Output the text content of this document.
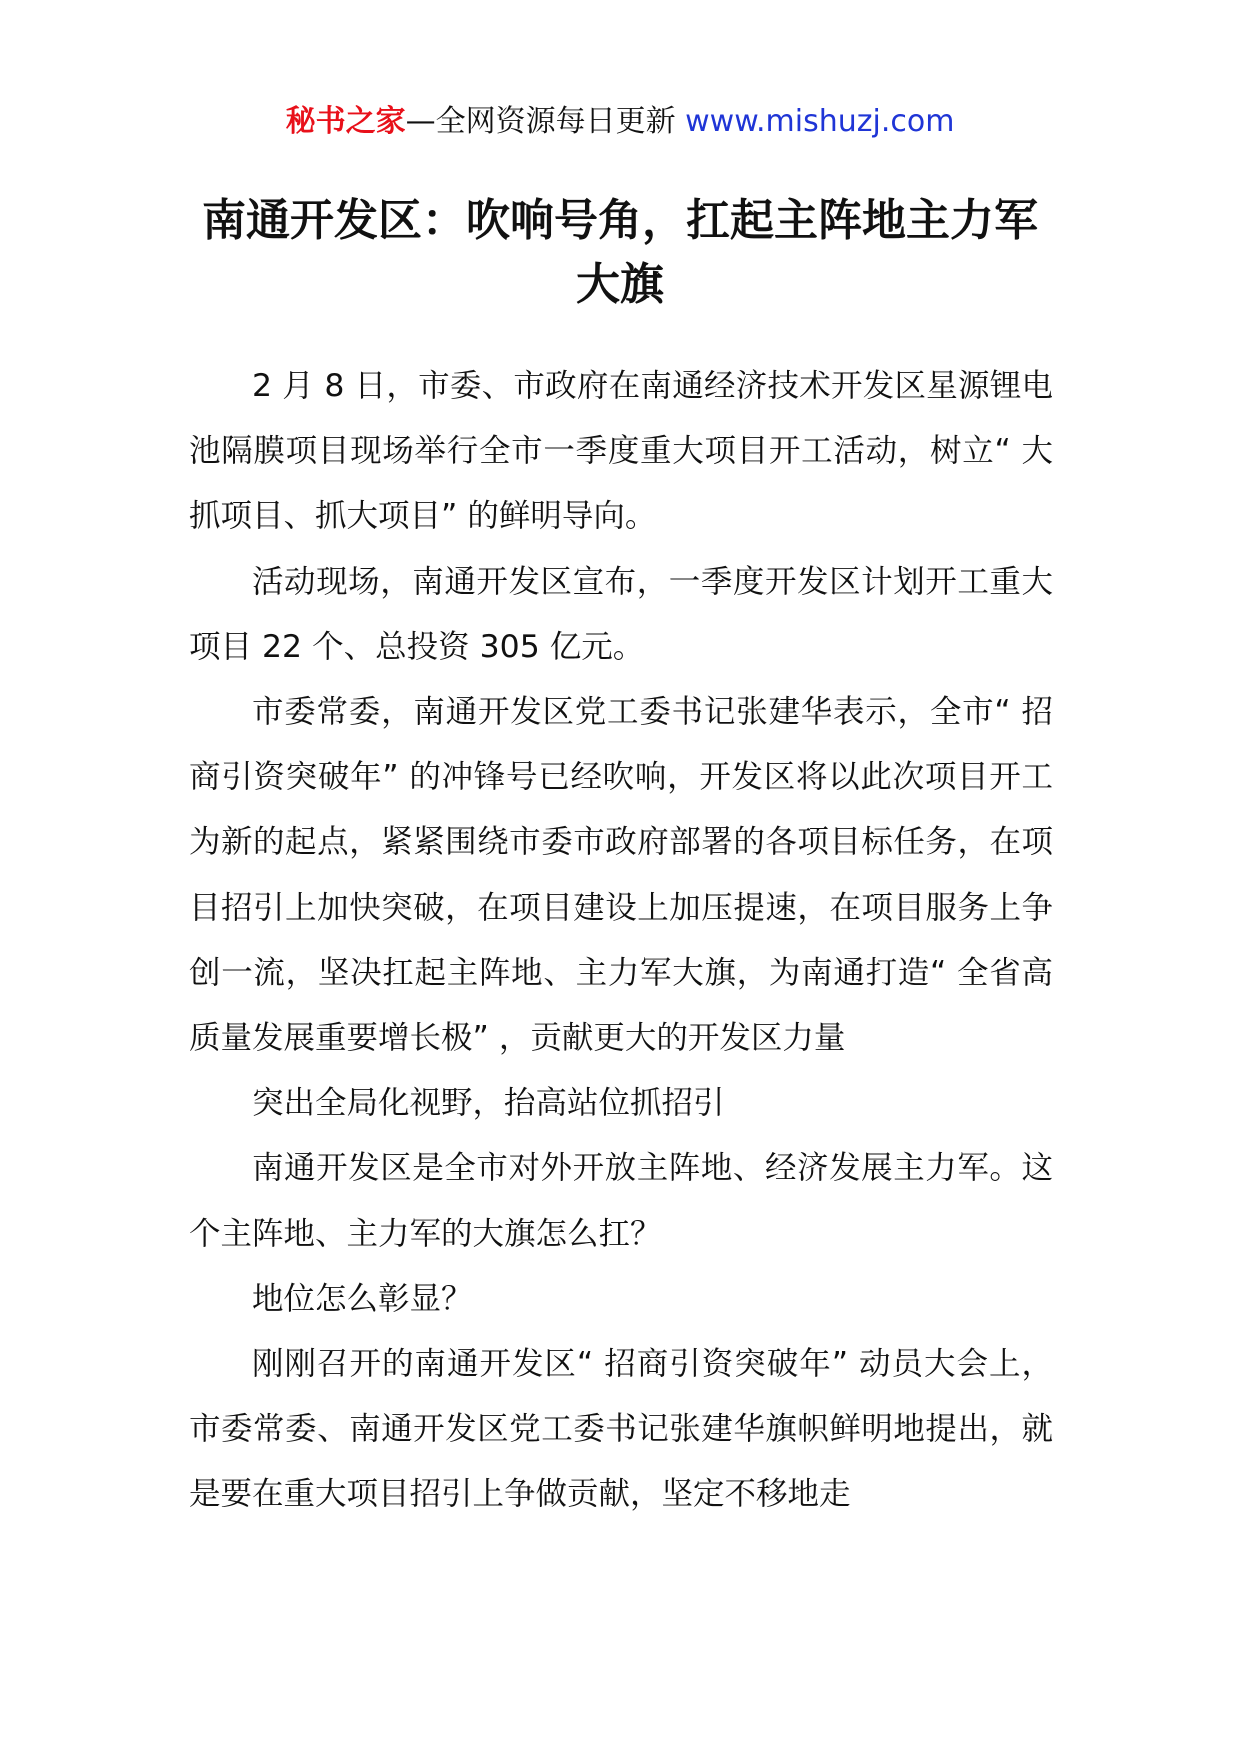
秘书之家—全网资源每日更新 www.mishuzj.com
南通开发区：吹响号角，扛起主阵地主力军大旗

2 月 8 日，市委、市政府在南通经济技术开发区星源锂电池隔膜项目现场举行全市一季度重大项目开工活动，树立“ 大抓项目、抓大项目” 的鲜明导向。

活动现场，南通开发区宣布，一季度开发区计划开工重大项目 22 个、总投资 305 亿元。

市委常委，南通开发区党工委书记张建华表示，全市“ 招商引资突破年” 的冲锋号已经吹响，开发区将以此次项目开工为新的起点，紧紧围绕市委市政府部署的各项目标任务，在项目招引上加快突破，在项目建设上加压提速，在项目服务上争创一流，坚决扛起主阵地、主力军大旗，为南通打造“ 全省高质量发展重要增长极” ，贡献更大的开发区力量

突出全局化视野，抬高站位抓招引

南通开发区是全市对外开放主阵地、经济发展主力军。这个主阵地、主力军的大旗怎么扛？

地位怎么彰显？

刚刚召开的南通开发区“ 招商引资突破年” 动员大会上，市委常委、南通开发区党工委书记张建华旗帜鲜明地提出，就是要在重大项目招引上争做贡献，坚定不移地走
